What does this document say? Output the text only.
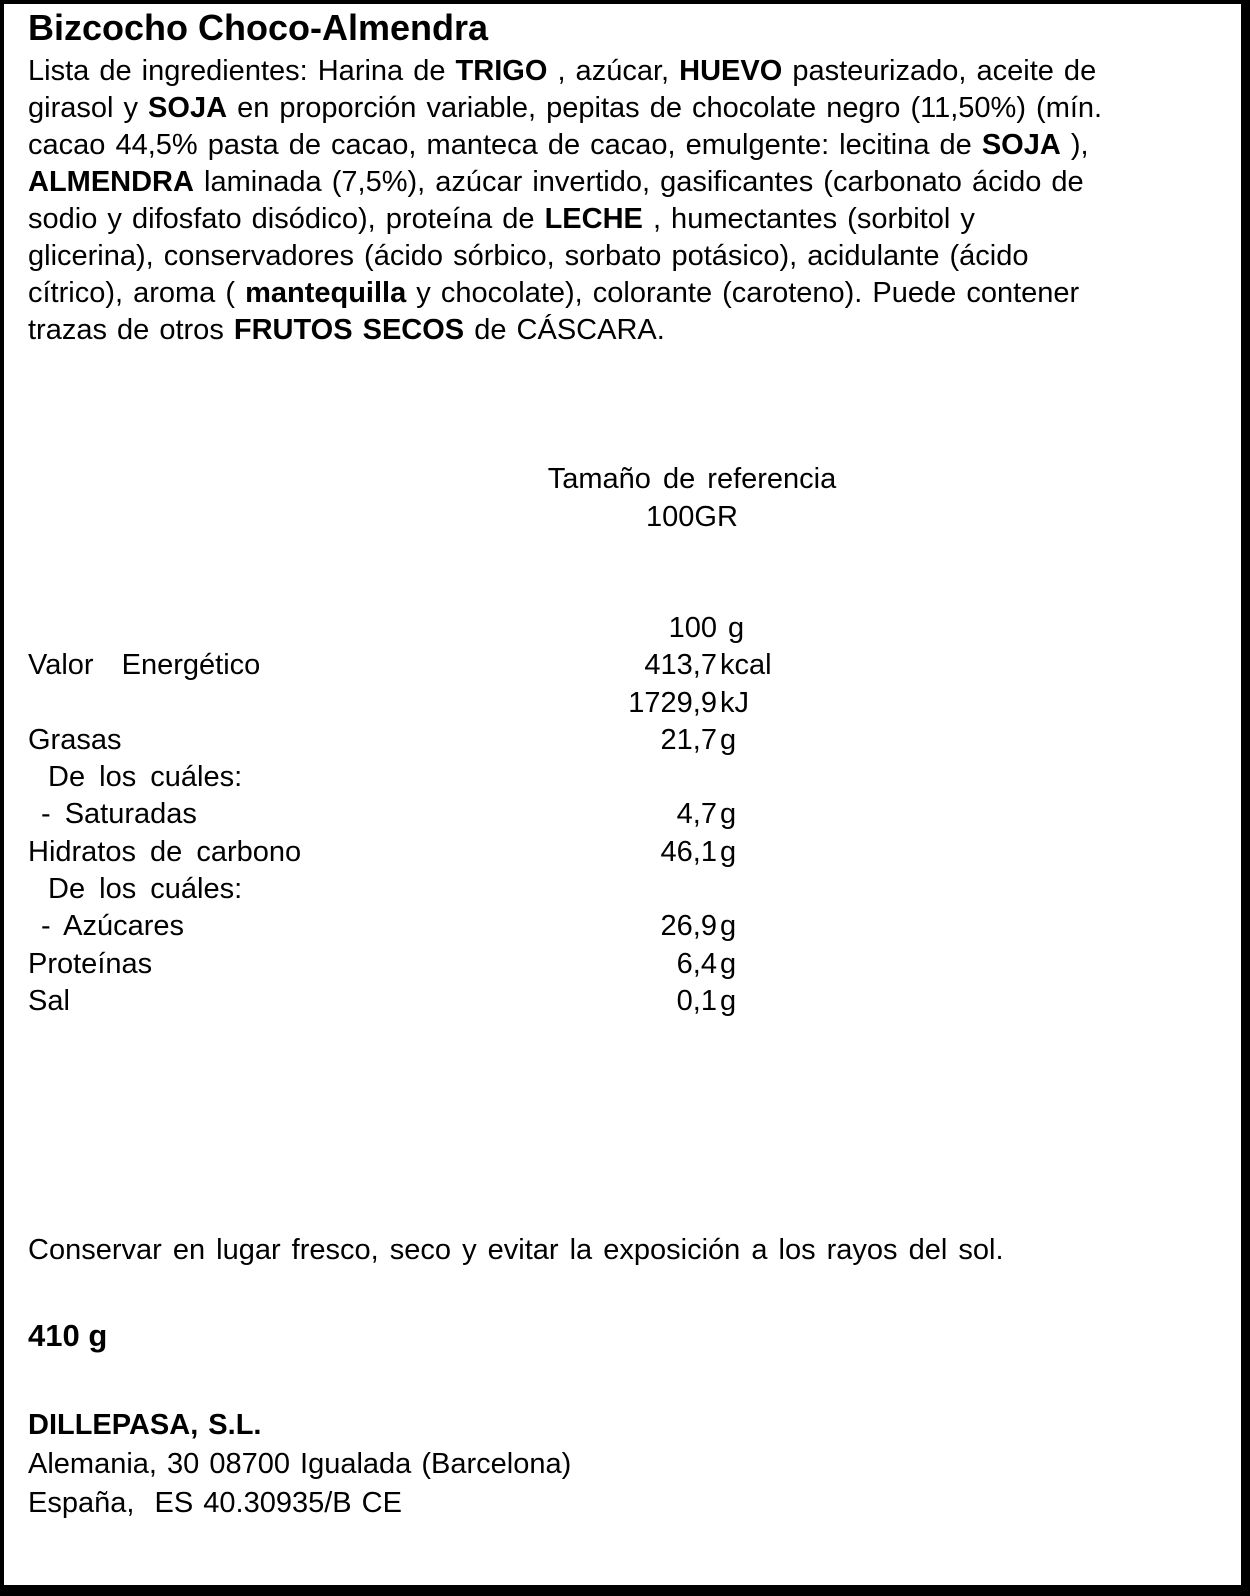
Bizcocho Choco-Almendra
Lista de ingredientes: Harina de TRIGO , azúcar, HUEVO pasteurizado, aceite de
girasol y SOJA en proporción variable, pepitas de chocolate negro (11,50%) (mín.
cacao 44,5% pasta de cacao, manteca de cacao, emulgente: lecitina de SOJA ),
ALMENDRA laminada (7,5%), azúcar invertido, gasificantes (carbonato ácido de
sodio y difosfato disódico), proteína de LECHE , humectantes (sorbitol y
glicerina), conservadores (ácido sórbico, sorbato potásico), acidulante (ácido
cítrico), aroma ( mantequilla y chocolate), colorante (caroteno). Puede contener
trazas de otros FRUTOS SECOS de CÁSCARA.
Tamaño de referencia
100GR
100 g
Valor  Energético	413,7 kcal
1729,9 kJ
Grasas	21,7 g
De los cuáles:
- Saturadas	4,7 g
Hidratos de carbono	46,1 g
De los cuáles:
- Azúcares	26,9 g
Proteínas	6,4 g
Sal	0,1 g
Conservar en lugar fresco, seco y evitar la exposición a los rayos del sol.
410 g
DILLEPASA, S.L.
Alemania, 30 08700 Igualada (Barcelona)
España,  ES 40.30935/B CE
